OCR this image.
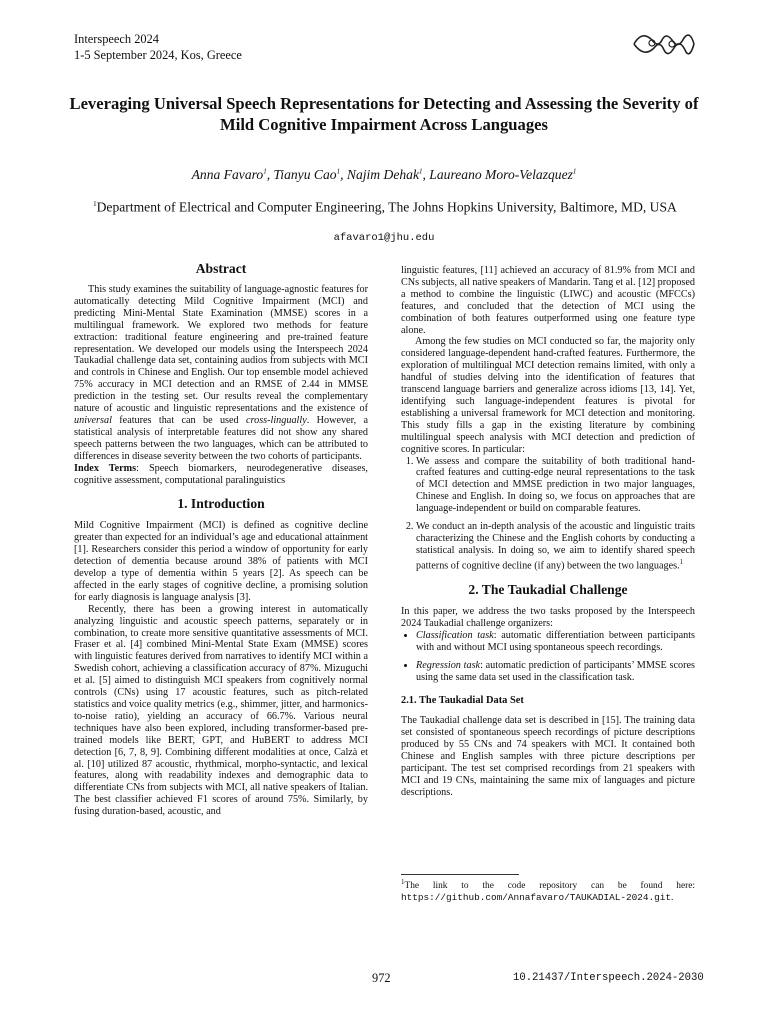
Interspeech 2024
1-5 September 2024, Kos, Greece
Leveraging Universal Speech Representations for Detecting and Assessing the Severity of Mild Cognitive Impairment Across Languages
Anna Favaro$^1$, Tianyu Cao$^1$, Najim Dehak$^1$, Laureano Moro-Velazquez$^1$
$^1$Department of Electrical and Computer Engineering, The Johns Hopkins University, Baltimore, MD, USA
afavaro1@jhu.edu
Abstract

This study examines the suitability of language-agnostic features for automatically detecting Mild Cognitive Impairment (MCI) and predicting Mini-Mental State Examination (MMSE) scores in a multilingual framework. We explored two methods for feature extraction: traditional feature engineering and pre-trained feature representation. We developed our models using the Interspeech 2024 Taukadial challenge data set, containing audios from subjects with MCI and controls in Chinese and English. Our top ensemble model achieved 75% accuracy in MCI detection and an RMSE of 2.44 in MMSE prediction in the testing set. Our results reveal the complementary nature of acoustic and linguistic representations and the existence of universal features that can be used cross-lingually. However, a statistical analysis of interpretable features did not show any shared speech patterns between the two languages, which can be attributed to differences in disease severity between the two cohorts of participants.

Index Terms: Speech biomarkers, neurodegenerative diseases, cognitive assessment, computational paralinguistics

1. Introduction

Mild Cognitive Impairment (MCI) is defined as cognitive decline greater than expected for an individual’s age and educational attainment [1]. Researchers consider this period a window of opportunity for early detection of dementia because around 38% of patients with MCI develop a type of dementia within 5 years [2]. As speech can be affected in the early stages of cognitive decline, a promising solution for early diagnosis is language analysis [3].

Recently, there has been a growing interest in automatically analyzing linguistic and acoustic speech patterns, separately or in combination, to create more sensitive quantitative assessments of MCI. Fraser et al. [4] combined Mini-Mental State Exam (MMSE) scores with linguistic features derived from narratives to identify MCI within a Swedish cohort, achieving a classification accuracy of 87%. Mizuguchi et al. [5] aimed to distinguish MCI speakers from cognitively normal controls (CNs) using 17 acoustic features, such as pitch-related statistics and voice quality metrics (e.g., shimmer, jitter, and harmonics-to-noise ratio), yielding an accuracy of 66.7%. Various neural techniques have also been explored, including transformer-based pre-trained models like BERT, GPT, and HuBERT to address MCI detection [6, 7, 8, 9]. Combining different modalities at once, Calzà et al. [10] utilized 87 acoustic, rhythmical, morpho-syntactic, and lexical features, along with readability indexes and demographic data to differentiate CNs from subjects with MCI, all native speakers of Italian. The best classifier achieved F1 scores of around 75%. Similarly, by fusing duration-based, acoustic, and

linguistic features, [11] achieved an accuracy of 81.9% from MCI and CNs subjects, all native speakers of Mandarin. Tang et al. [12] proposed a method to combine the linguistic (LIWC) and acoustic (MFCCs) features, and concluded that the detection of MCI using the combination of both features outperformed using one feature type alone.

Among the few studies on MCI conducted so far, the majority only considered language-dependent hand-crafted features. Furthermore, the exploration of multilingual MCI detection remains limited, with only a handful of studies delving into the identification of features that transcend language barriers and generalize across idioms [13, 14]. Yet, identifying such language-independent features is pivotal for establishing a universal framework for MCI detection and monitoring. This study fills a gap in the existing literature by combining multilingual speech analysis with MCI detection and prediction of cognitive scores. In particular:

1. We assess and compare the suitability of both traditional hand-crafted features and cutting-edge neural representations to the task of MCI detection and MMSE prediction in two major languages, Chinese and English. In doing so, we focus on approaches that are language-independent or build on comparable features.
2. We conduct an in-depth analysis of the acoustic and linguistic traits characterizing the Chinese and the English cohorts by conducting a statistical analysis. In doing so, we aim to identify shared speech patterns of cognitive decline (if any) between the two languages.$^1$
2. The Taukadial Challenge

In this paper, we address the two tasks proposed by the Interspeech 2024 Taukadial challenge organizers:

• Classification task: automatic differentiation between participants with and without MCI using spontaneous speech recordings.
• Regression task: automatic prediction of participants’ MMSE scores using the same data set used in the classification task.
2.1. The Taukadial Data Set

The Taukadial challenge data set is described in [15]. The training data set consisted of spontaneous speech recordings of picture descriptions produced by 55 CNs and 74 speakers with MCI. It contained both Chinese and English samples with three picture descriptions per participant. The test set comprised recordings from 21 speakers with MCI and 19 CNs, maintaining the same mix of languages and picture descriptions.

$^1$The link to the code repository can be found here: https://github.com/Annafavaro/TAUKADIAL-2024.git.
972	10.21437/Interspeech.2024-2030
